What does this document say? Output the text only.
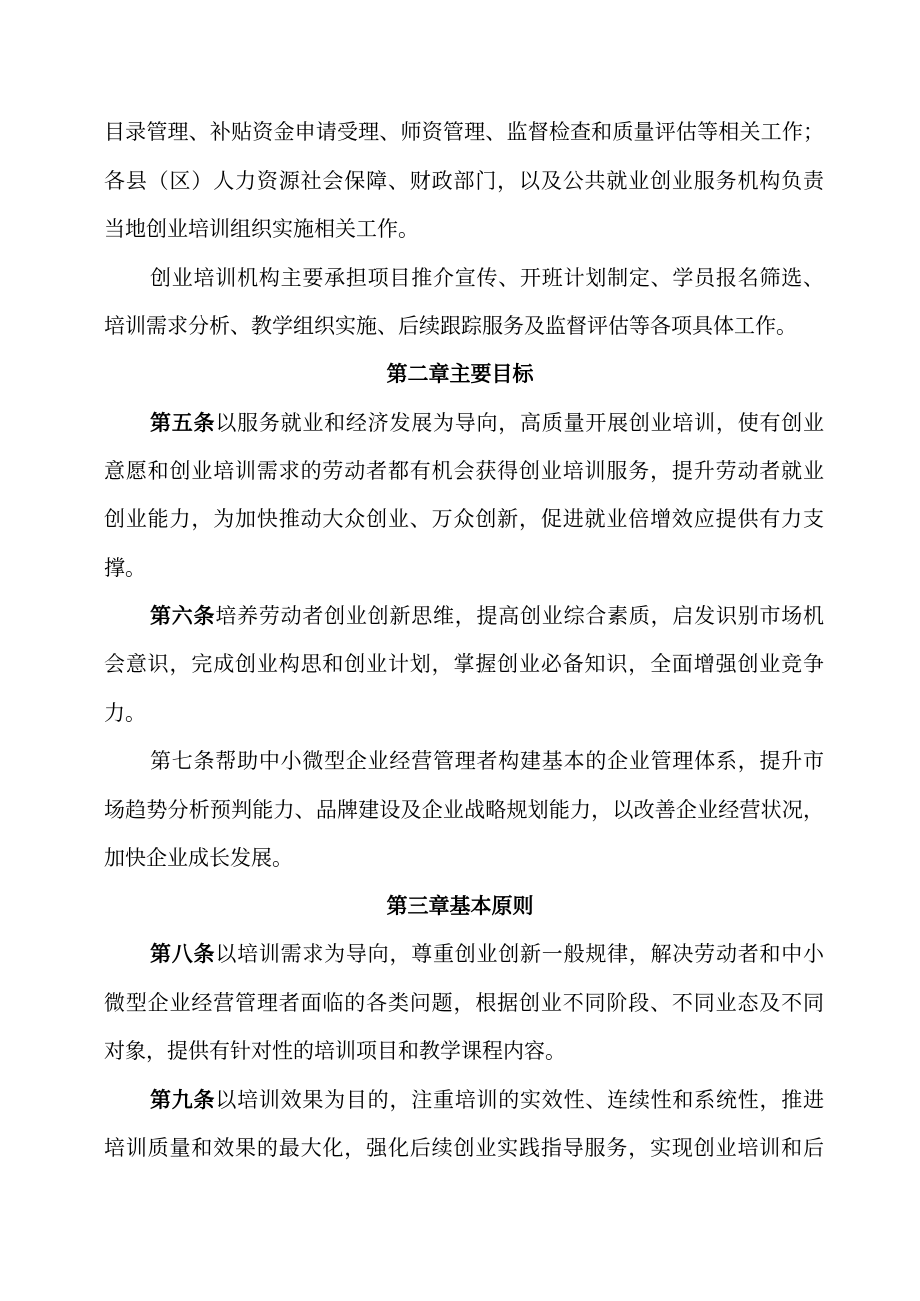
目录管理、补贴资金申请受理、师资管理、监督检查和质量评估等相关工作；
各县（区）人力资源社会保障、财政部门，以及公共就业创业服务机构负责
当地创业培训组织实施相关工作。
创业培训机构主要承担项目推介宣传、开班计划制定、学员报名筛选、
培训需求分析、教学组织实施、后续跟踪服务及监督评估等各项具体工作。
第二章主要目标
第五条以服务就业和经济发展为导向，高质量开展创业培训，使有创业
意愿和创业培训需求的劳动者都有机会获得创业培训服务，提升劳动者就业
创业能力，为加快推动大众创业、万众创新，促进就业倍增效应提供有力支
撑。
第六条培养劳动者创业创新思维，提高创业综合素质，启发识别市场机
会意识，完成创业构思和创业计划，掌握创业必备知识，全面增强创业竞争
力。
第七条帮助中小微型企业经营管理者构建基本的企业管理体系，提升市
场趋势分析预判能力、品牌建设及企业战略规划能力，以改善企业经营状况，
加快企业成长发展。
第三章基本原则
第八条以培训需求为导向，尊重创业创新一般规律，解决劳动者和中小
微型企业经营管理者面临的各类问题，根据创业不同阶段、不同业态及不同
对象，提供有针对性的培训项目和教学课程内容。
第九条以培训效果为目的，注重培训的实效性、连续性和系统性，推进
培训质量和效果的最大化，强化后续创业实践指导服务，实现创业培训和后
